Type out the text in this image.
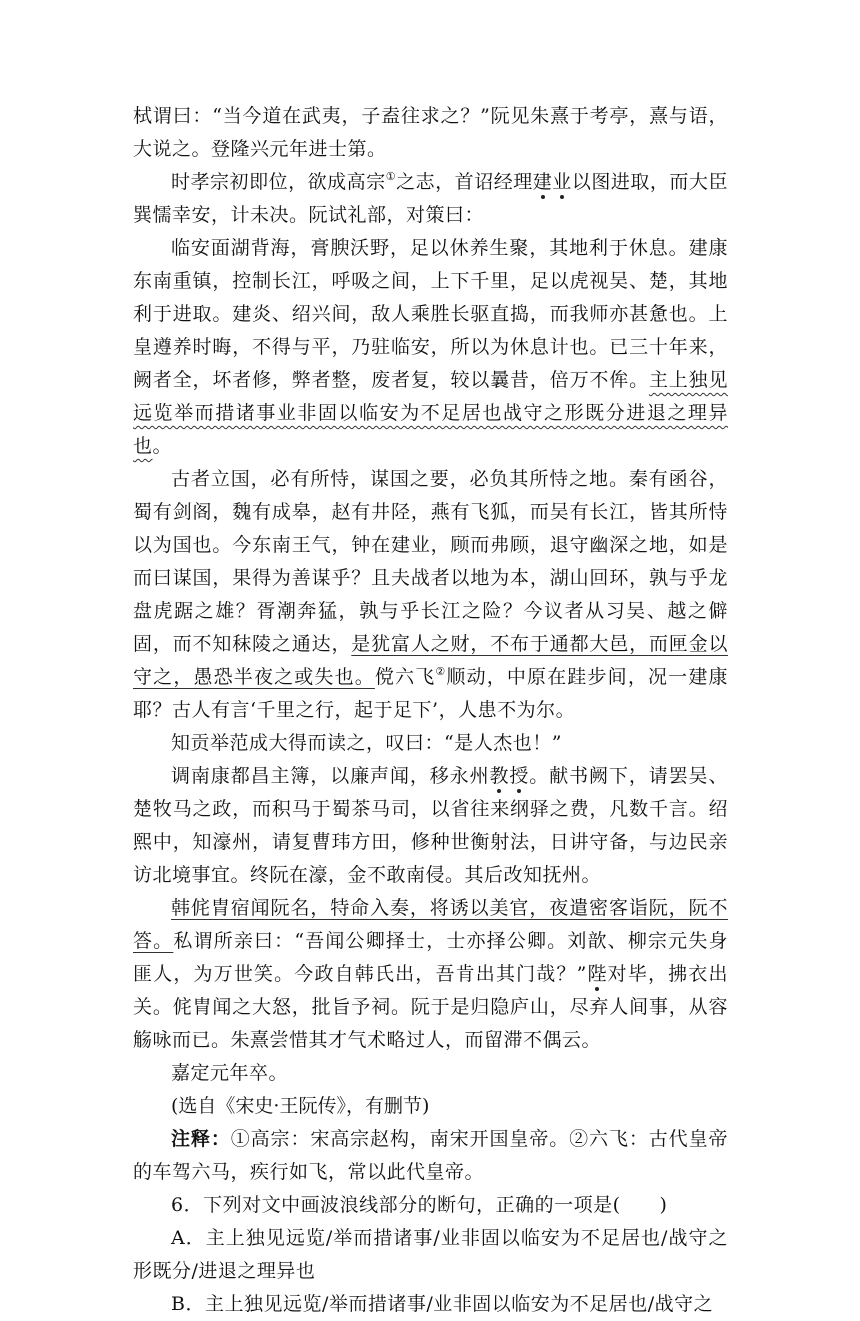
栻谓曰：“当今道在武夷，子盍往求之？”阮见朱熹于考亭，熹与语，大说之。登隆兴元年进士第。

时孝宗初即位，欲成高宗①之志，首诏经理建业以图进取，而大臣巽懦幸安，计未决。阮试礼部，对策曰：

临安面湖背海，膏腴沃野，足以休养生聚，其地利于休息。建康东南重镇，控制长江，呼吸之间，上下千里，足以虎视吴、楚，其地利于进取。建炎、绍兴间，敌人乘胜长驱直捣，而我师亦甚惫也。上皇遵养时晦，不得与平，乃驻临安，所以为休息计也。已三十年来，阙者全，坏者修，弊者整，废者复，较以曩昔，倍万不侔。主上独见远览举而措诸事业非固以临安为不足居也战守之形既分进退之理异也。

古者立国，必有所恃，谋国之要，必负其所恃之地。秦有函谷，蜀有剑阁，魏有成皋，赵有井陉，燕有飞狐，而吴有长江，皆其所恃以为国也。今东南王气，钟在建业，顾而弗顾，退守幽深之地，如是而曰谋国，果得为善谋乎？且夫战者以地为本，湖山回环，孰与乎龙盘虎踞之雄？胥潮奔猛，孰与乎长江之险？今议者从习吴、越之僻固，而不知秣陵之通达，是犹富人之财，不布于通都大邑，而匣金以守之，愚恐半夜之或失也。傥六飞②顺动，中原在跬步间，况一建康耶？古人有言‘千里之行，起于足下’，人患不为尔。

知贡举范成大得而读之，叹曰：“是人杰也！”

调南康都昌主簿，以廉声闻，移永州教授。献书阙下，请罢吴、楚牧马之政，而积马于蜀茶马司，以省往来纲驿之费，凡数千言。绍熙中，知濠州，请复曹玮方田，修种世衡射法，日讲守备，与边民亲访北境事宜。终阮在濠，金不敢南侵。其后改知抚州。

韩侂胄宿闻阮名，特命入奏，将诱以美官，夜遣密客诣阮，阮不答。私谓所亲曰：“吾闻公卿择士，士亦择公卿。刘歆、柳宗元失身匪人，为万世笑。今政自韩氏出，吾肯出其门哉？”陛对毕，拂衣出关。侂胄闻之大怒，批旨予祠。阮于是归隐庐山，尽弃人间事，从容觞咏而已。朱熹尝惜其才气术略过人，而留滞不偶云。

嘉定元年卒。

(选自《宋史·王阮传》，有删节)

注释：①高宗：宋高宗赵构，南宋开国皇帝。②六飞：古代皇帝的车驾六马，疾行如飞，常以此代皇帝。

6．下列对文中画波浪线部分的断句，正确的一项是(　　)

A．主上独见远览/举而措诸事/业非固以临安为不足居也/战守之形既分/进退之理异也

B．主上独见远览/举而措诸事/业非固以临安为不足居也/战守之
